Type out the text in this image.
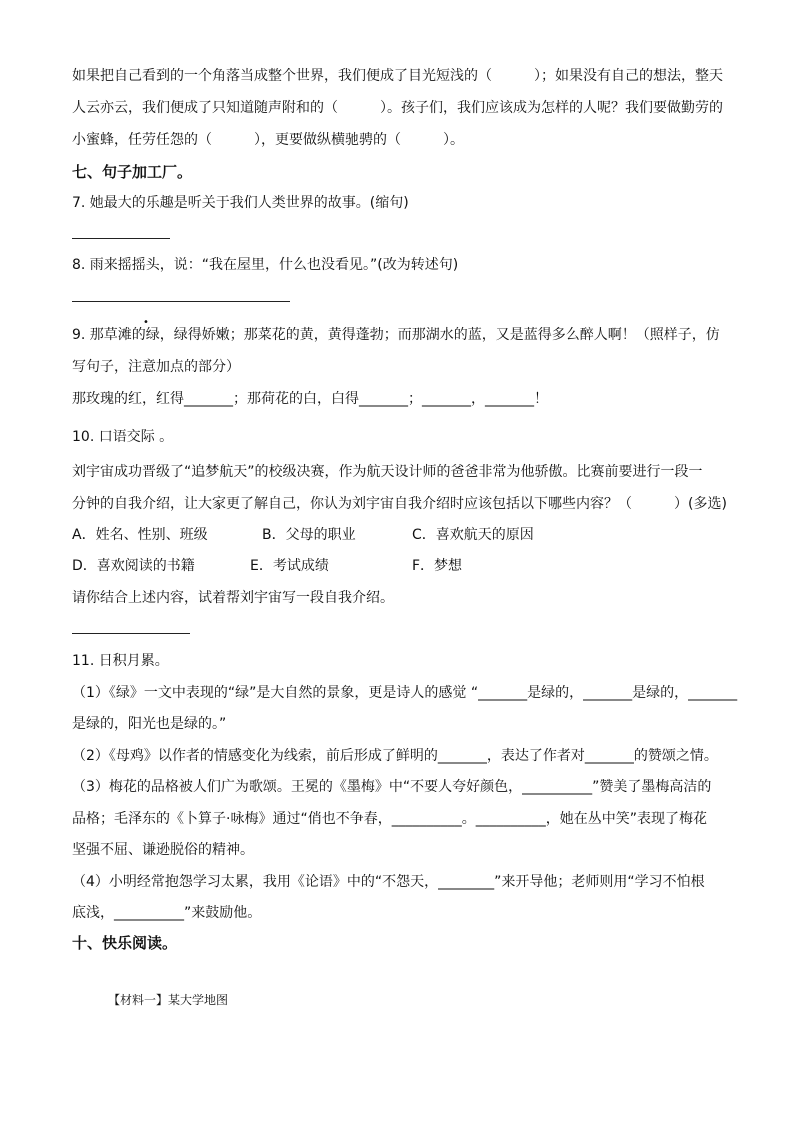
如果把自己看到的一个角落当成整个世界，我们便成了目光短浅的（　　　）；如果没有自己的想法，整天
人云亦云，我们便成了只知道随声附和的（　　　）。孩子们，我们应该成为怎样的人呢？我们要做勤劳的
小蜜蜂，任劳任怨的（　　　），更要做纵横驰骋的（　　　）。
七、句子加工厂。
7. 她最大的乐趣是听关于我们人类世界的故事。(缩句)
8. 雨来摇摇头，说：“我在屋里，什么也没看见。”(改为转述句)
•
9. 那草滩的绿，绿得娇嫩；那菜花的黄，黄得蓬勃；而那湖水的蓝，又是蓝得多么醉人啊！（照样子，仿
写句子，注意加点的部分）
那玫瑰的红，红得_______；那荷花的白，白得_______；_______，_______！
10. 口语交际 。
刘宇宙成功晋级了“追梦航天”的校级决赛，作为航天设计师的爸爸非常为他骄傲。比赛前要进行一段一
分钟的自我介绍，让大家更了解自己，你认为刘宇宙自我介绍时应该包括以下哪些内容？（　　　）(多选)
A．姓名、性别、班级	B．父母的职业	C．喜欢航天的原因
D．喜欢阅读的书籍	E．考试成绩	F．梦想
请你结合上述内容，试着帮刘宇宙写一段自我介绍。
11. 日积月累。
（1）《绿》一文中表现的“绿”是大自然的景象，更是诗人的感觉 “_______是绿的，_______是绿的，_______
是绿的，阳光也是绿的。”
（2）《母鸡》以作者的情感变化为线索，前后形成了鲜明的_______，表达了作者对_______的赞颂之情。
（3）梅花的品格被人们广为歌颂。王冕的《墨梅》中“不要人夸好颜色，__________”赞美了墨梅高洁的
品格；毛泽东的《卜算子·咏梅》通过“俏也不争春，__________。__________，她在丛中笑”表现了梅花
坚强不屈、谦逊脱俗的精神。
（4）小明经常抱怨学习太累，我用《论语》中的“不怨天，________”来开导他；老师则用“学习不怕根
底浅，__________”来鼓励他。
十、快乐阅读。
【材料一】某大学地图
